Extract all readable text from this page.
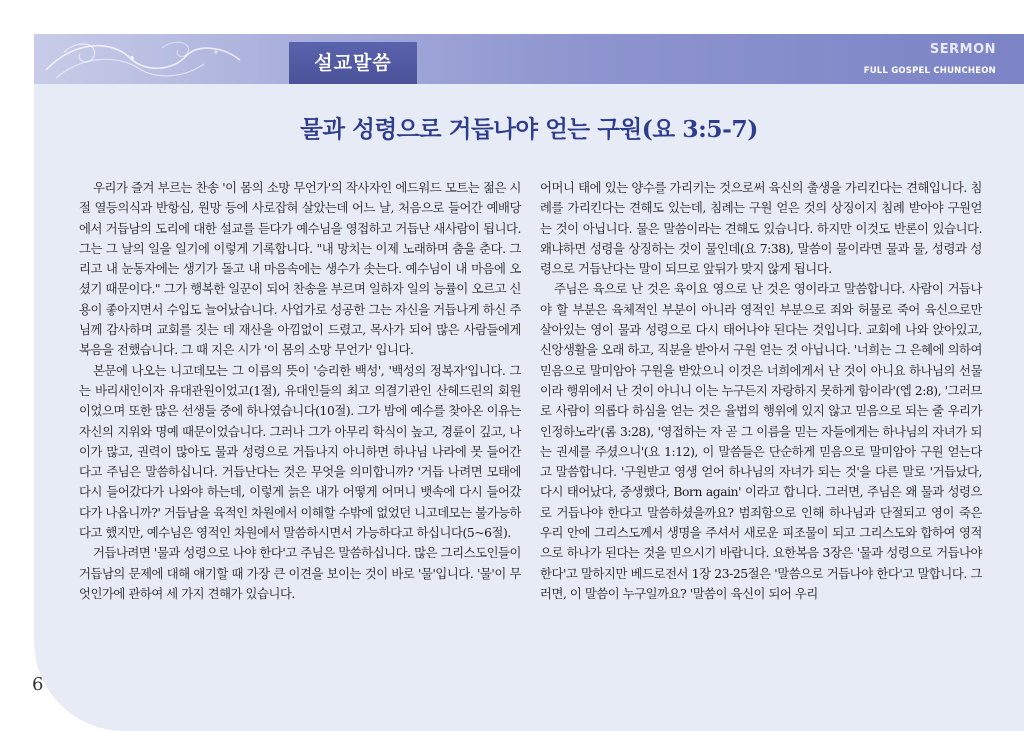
설교말씀
SERMON
FULL GOSPEL CHUNCHEON
물과 성령으로 거듭나야 얻는 구원(요 3:5-7)

우리가 즐겨 부르는 찬송 '이 몸의 소망 무언가'의 작사자인 에드워드 모트는 젊은 시절 열등의식과 반항심, 원망 등에 사로잡혀 살았는데 어느 날, 처음으로 들어간 예배당에서 거듭남의 도리에 대한 설교를 듣다가 예수님을 영접하고 거듭난 새사람이 됩니다. 그는 그 날의 일을 일기에 이렇게 기록합니다. "내 망치는 이제 노래하며 춤을 춘다. 그리고 내 눈동자에는 생기가 돌고 내 마음속에는 생수가 솟는다. 예수님이 내 마음에 오셨기 때문이다." 그가 행복한 일꾼이 되어 찬송을 부르며 일하자 일의 능률이 오르고 신용이 좋아지면서 수입도 늘어났습니다. 사업가로 성공한 그는 자신을 거듭나게 하신 주님께 감사하며 교회를 짓는 데 재산을 아낌없이 드렸고, 목사가 되어 많은 사람들에게 복음을 전했습니다. 그 때 지은 시가 '이 몸의 소망 무언가' 입니다.

본문에 나오는 니고데모는 그 이름의 뜻이 '승리한 백성', '백성의 정복자'입니다. 그는 바리새인이자 유대관원이었고(1절), 유대인들의 최고 의결기관인 산헤드린의 회원이었으며 또한 많은 선생들 중에 하나였습니다(10절). 그가 밤에 예수를 찾아온 이유는 자신의 지위와 명예 때문이었습니다. 그러나 그가 아무리 학식이 높고, 경륜이 깊고, 나이가 많고, 권력이 많아도 물과 성령으로 거듭나지 아니하면 하나님 나라에 못 들어간다고 주님은 말씀하십니다. 거듭난다는 것은 무엇을 의미합니까? '거듭 나려면 모태에 다시 들어갔다가 나와야 하는데, 이렇게 늙은 내가 어떻게 어머니 뱃속에 다시 들어갔다가 나옵니까?' 거듭남을 육적인 차원에서 이해할 수밖에 없었던 니고데모는 불가능하다고 했지만, 예수님은 영적인 차원에서 말씀하시면서 가능하다고 하십니다(5~6절).

거듭나려면 '물과 성령으로 나야 한다'고 주님은 말씀하십니다. 많은 그리스도인들이 거듭남의 문제에 대해 얘기할 때 가장 큰 이견을 보이는 것이 바로 '물'입니다. '물'이 무엇인가에 관하여 세 가지 견해가 있습니다.

어머니 태에 있는 양수를 가리키는 것으로써 육신의 출생을 가리킨다는 견해입니다. 침례를 가리킨다는 견해도 있는데, 침례는 구원 얻은 것의 상징이지 침례 받아야 구원얻는 것이 아닙니다. 물은 말씀이라는 견해도 있습니다. 하지만 이것도 반론이 있습니다. 왜냐하면 성령을 상징하는 것이 물인데(요 7:38), 말씀이 물이라면 물과 물, 성령과 성령으로 거듭난다는 말이 되므로 앞뒤가 맞지 않게 됩니다.

주님은 육으로 난 것은 육이요 영으로 난 것은 영이라고 말씀합니다. 사람이 거듭나야 할 부분은 육체적인 부분이 아니라 영적인 부분으로 죄와 허물로 죽어 육신으로만 살아있는 영이 물과 성령으로 다시 태어나야 된다는 것입니다. 교회에 나와 앉아있고, 신앙생활을 오래 하고, 직분을 받아서 구원 얻는 것 아닙니다. '너희는 그 은혜에 의하여 믿음으로 말미암아 구원을 받았으니 이것은 너희에게서 난 것이 아니요 하나님의 선물이라 행위에서 난 것이 아니니 이는 누구든지 자랑하지 못하게 함이라'(엡 2:8), '그러므로 사람이 의롭다 하심을 얻는 것은 율법의 행위에 있지 않고 믿음으로 되는 줄 우리가 인정하노라'(롬 3:28), '영접하는 자 곧 그 이름을 믿는 자들에게는 하나님의 자녀가 되는 권세를 주셨으니'(요 1:12), 이 말씀들은 단순하게 믿음으로 말미암아 구원 얻는다고 말씀합니다. '구원받고 영생 얻어 하나님의 자녀가 되는 것'을 다른 말로 '거듭났다, 다시 태어났다, 중생했다, Born again' 이라고 합니다. 그러면, 주님은 왜 물과 성령으로 거듭나야 한다고 말씀하셨을까요? 범죄함으로 인해 하나님과 단절되고 영이 죽은 우리 안에 그리스도께서 생명을 주셔서 새로운 피조물이 되고 그리스도와 합하여 영적으로 하나가 된다는 것을 믿으시기 바랍니다. 요한복음 3장은 '물과 성령으로 거듭나야 한다'고 말하지만 베드로전서 1장 23-25절은 '말씀으로 거듭나야 한다'고 말합니다. 그러면, 이 말씀이 누구일까요? '말씀이 육신이 되어 우리

6
